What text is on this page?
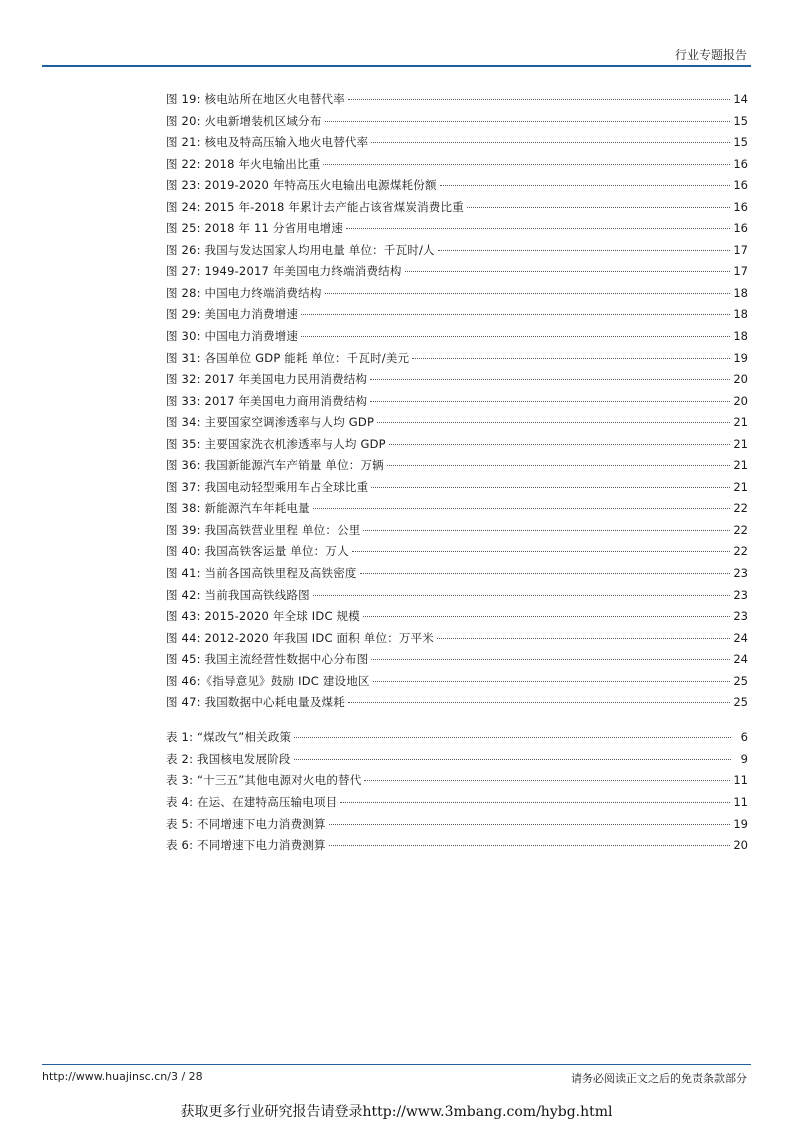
行业专题报告
图 19: 核电站所在地区火电替代率	14
图 20: 火电新增装机区域分布	15
图 21: 核电及特高压输入地火电替代率	15
图 22: 2018 年火电输出比重	16
图 23: 2019-2020 年特高压火电输出电源煤耗份额	16
图 24: 2015 年-2018 年累计去产能占该省煤炭消费比重	16
图 25: 2018 年 11 分省用电增速	16
图 26: 我国与发达国家人均用电量 单位：千瓦时/人	17
图 27: 1949-2017 年美国电力终端消费结构	17
图 28: 中国电力终端消费结构	18
图 29: 美国电力消费增速	18
图 30: 中国电力消费增速	18
图 31: 各国单位 GDP 能耗 单位：千瓦时/美元	19
图 32: 2017 年美国电力民用消费结构	20
图 33: 2017 年美国电力商用消费结构	20
图 34: 主要国家空调渗透率与人均 GDP	21
图 35: 主要国家洗衣机渗透率与人均 GDP	21
图 36: 我国新能源汽车产销量 单位：万辆	21
图 37: 我国电动轻型乘用车占全球比重	21
图 38: 新能源汽车年耗电量	22
图 39: 我国高铁营业里程 单位：公里	22
图 40: 我国高铁客运量 单位：万人	22
图 41: 当前各国高铁里程及高铁密度	23
图 42: 当前我国高铁线路图	23
图 43: 2015-2020 年全球 IDC 规模	23
图 44: 2012-2020 年我国 IDC 面积 单位：万平米	24
图 45: 我国主流经营性数据中心分布图	24
图 46:《指导意见》鼓励 IDC 建设地区	25
图 47: 我国数据中心耗电量及煤耗	25
表 1: “煤改气”相关政策	6
表 2: 我国核电发展阶段	9
表 3: “十三五”其他电源对火电的替代	11
表 4: 在运、在建特高压输电项目	11
表 5: 不同增速下电力消费测算	19
表 6: 不同增速下电力消费测算	20
http://www.huajinsc.cn/3 / 28	请务必阅读正文之后的免责条款部分
获取更多行业研究报告请登录http://www.3mbang.com/hybg.html
